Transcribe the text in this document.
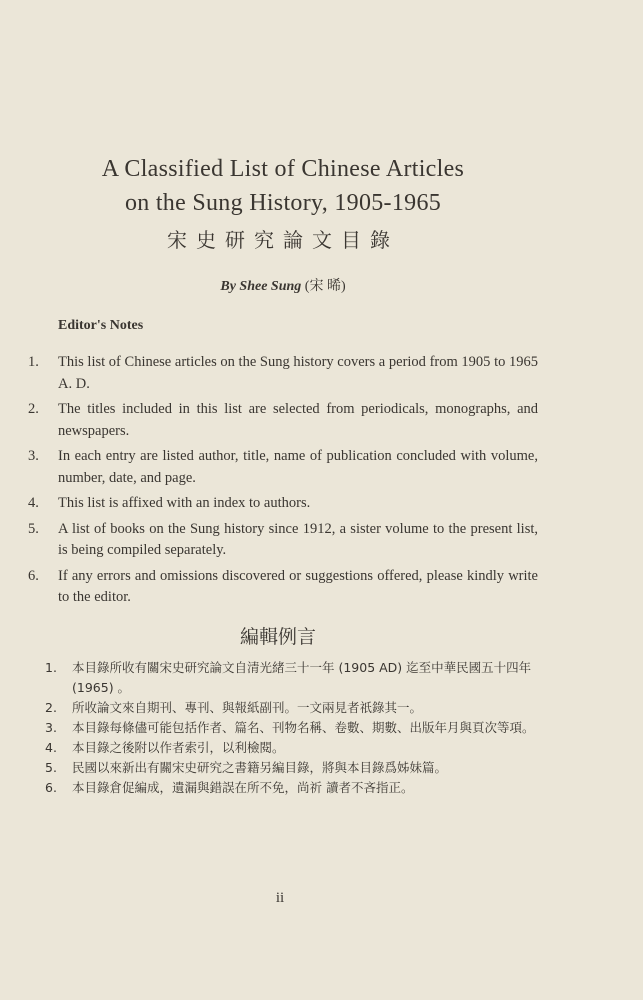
A Classified List of Chinese Articles
on the Sung History, 1905-1965
宋史研究論文目錄
By Shee Sung (宋 晞)
Editor's Notes
1. This list of Chinese articles on the Sung history covers a period from 1905 to 1965 A. D.
2. The titles included in this list are selected from periodicals, monographs, and newspapers.
3. In each entry are listed author, title, name of publication concluded with volume, number, date, and page.
4. This list is affixed with an index to authors.
5. A list of books on the Sung history since 1912, a sister volume to the present list, is being compiled separately.
6. If any errors and omissions discovered or suggestions offered, please kindly write to the editor.
編輯例言
1. 本目錄所收有關宋史研究論文自清光緒三十一年 (1905 AD) 迄至中華民國五十四年 (1965) 。
2. 所收論文來自期刊、專刊、與報紙副刊。一文兩見者祇錄其一。
3. 本目錄每條儘可能包括作者、篇名、刊物名稱、卷數、期數、出版年月與頁次等項。
4. 本目錄之後附以作者索引，以利檢閱。
5. 民國以來新出有關宋史研究之書籍另編目錄，將與本目錄爲姊妹篇。
6. 本目錄倉促編成，遺漏與錯誤在所不免，尚祈 讀者不吝指正。
ii
